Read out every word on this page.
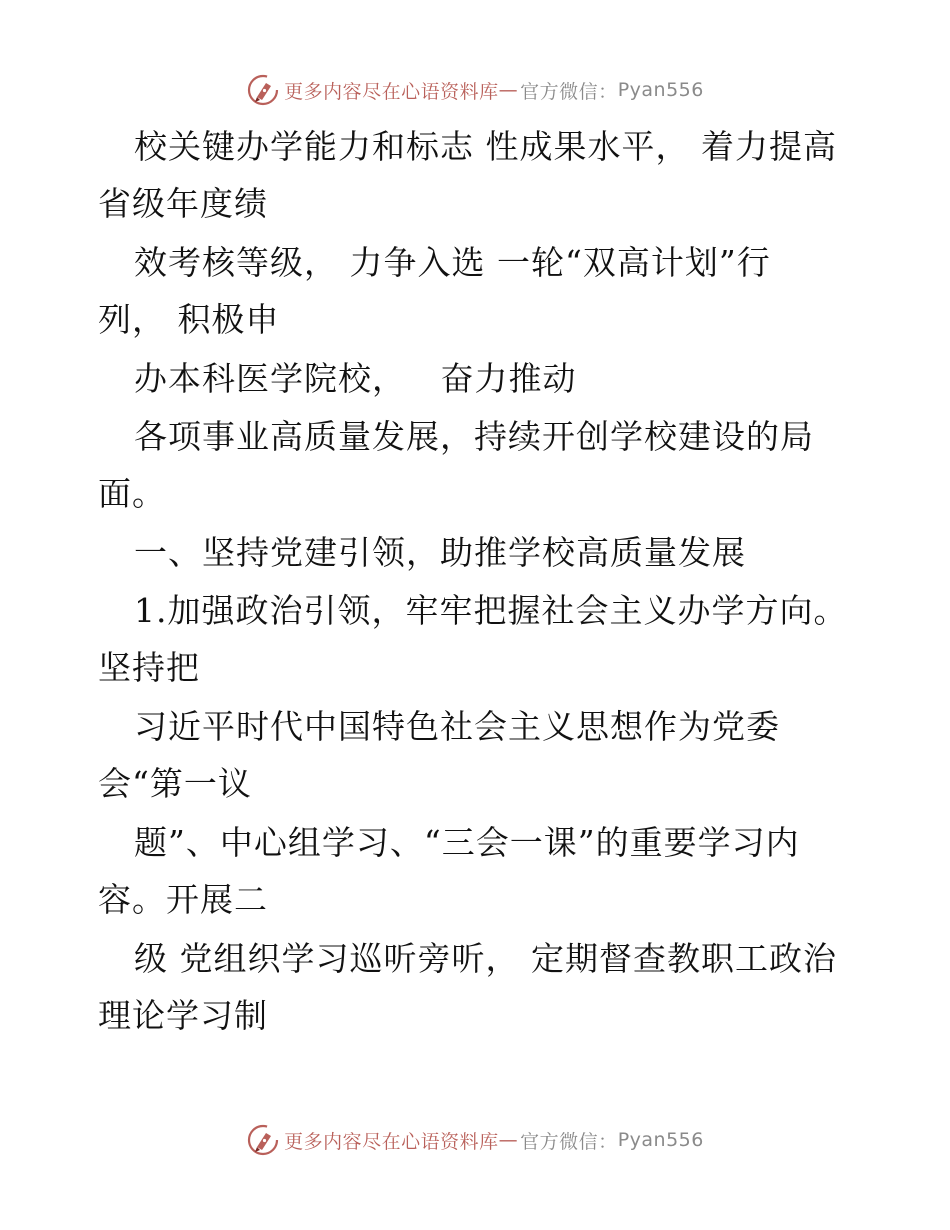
更多内容尽在心语资料库 — 官方微信： Pyan556
校关键办学能力和标志 性成果水平， 着力提高
省级年度绩
效考核等级， 力争入选 一轮“双高计划”行
列， 积极申
办本科医学院校，   奋力推动
各项事业高质量发展，持续开创学校建设的局
面。
一、坚持党建引领，助推学校高质量发展
1.加强政治引领，牢牢把握社会主义办学方向。
坚持把
习近平时代中国特色社会主义思想作为党委
会“第一议
题”、中心组学习、“三会一课”的重要学习内
容。开展二
级 党组织学习巡听旁听， 定期督查教职工政治
理论学习制
更多内容尽在心语资料库 — 官方微信： Pyan556
